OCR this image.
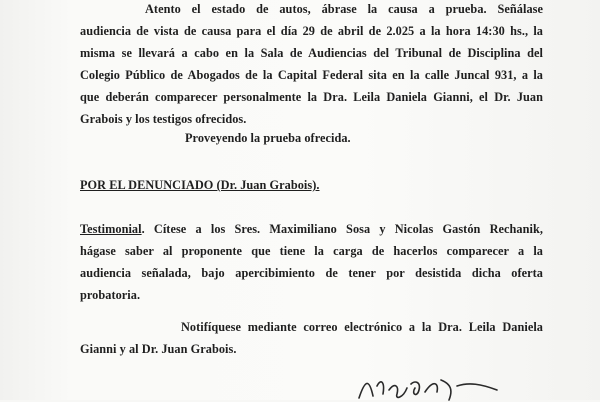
Atento el estado de autos, ábrase la causa a prueba. Señálase
audiencia de vista de causa para el día 29 de abril de 2.025 a la hora 14:30 hs., la
misma se llevará a cabo en la Sala de Audiencias del Tribunal de Disciplina del
Colegio Público de Abogados de la Capital Federal sita en la calle Juncal 931, a la
que deberán comparecer personalmente la Dra. Leila Daniela Gianni, el Dr. Juan
Grabois y los testigos ofrecidos.
Proveyendo la prueba ofrecida.
POR EL DENUNCIADO (Dr. Juan Grabois).
Testimonial. Cítese a los Sres. Maximiliano Sosa y Nicolas Gastón Rechanik,
hágase saber al proponente que tiene la carga de hacerlos comparecer a la
audiencia señalada, bajo apercibimiento de tener por desistida dicha oferta
probatoria.
Notifíquese mediante correo electrónico a la Dra. Leila Daniela
Gianni y al Dr. Juan Grabois.
